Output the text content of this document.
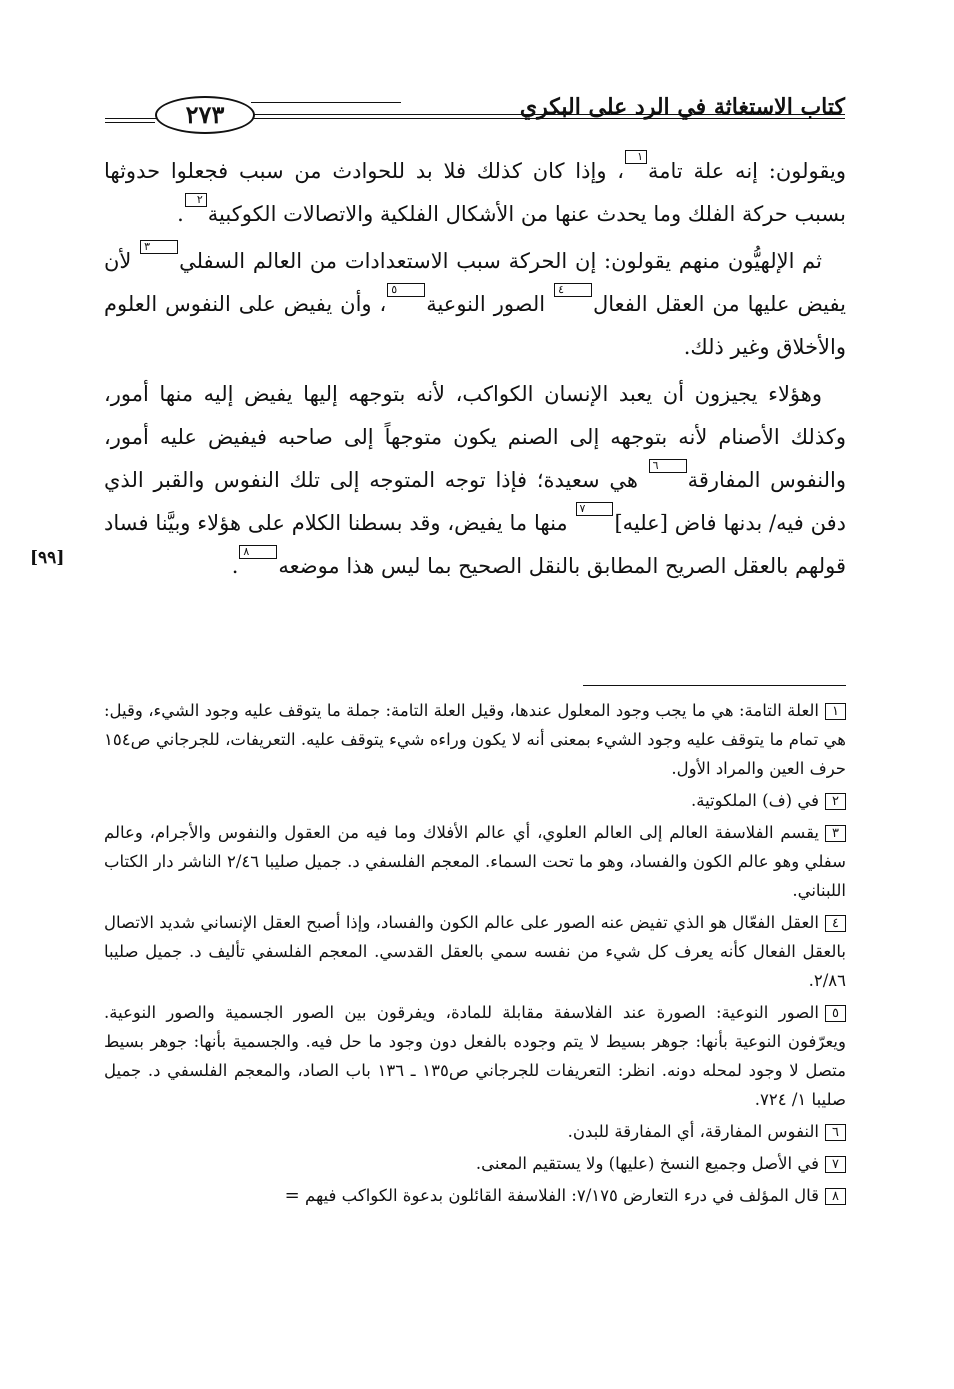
كتاب الاستغاثة في الرد على البكري
٢٧٣
[٩٩]

ويقولون: إنه علة تامة١، وإذا كان كذلك فلا بد للحوادث من سبب فجعلوا حدوثها بسبب حركة الفلك وما يحدث عنها من الأشكال الفلكية والاتصالات الكوكبية٢.

ثم الإلهيُّون منهم يقولون: إن الحركة سبب الاستعدادات من العالم السفلي٣ لأن يفيض عليها من العقل الفعال٤ الصور النوعية٥، وأن يفيض على النفوس العلوم والأخلاق وغير ذلك.

وهؤلاء يجيزون أن يعبد الإنسان الكواكب، لأنه بتوجهه إليها يفيض إليه منها أمور، وكذلك الأصنام لأنه بتوجهه إلى الصنم يكون متوجهاً إلى صاحبه فيفيض عليه أمور، والنفوس المفارقة٦ هي سعيدة؛ فإذا توجه المتوجه إلى تلك النفوس والقبر الذي دفن فيه/ بدنها فاض [عليه]٧ منها ما يفيض، وقد بسطنا الكلام على هؤلاء وبيَّنا فساد قولهم بالعقل الصريح المطابق بالنقل الصحيح بما ليس هذا موضعه٨.

١العلة التامة: هي ما يجب وجود المعلول عندها، وقيل العلة التامة: جملة ما يتوقف عليه وجود الشيء، وقيل: هي تمام ما يتوقف عليه وجود الشيء بمعنى أنه لا يكون وراءه شيء يتوقف عليه. التعريفات، للجرجاني ص١٥٤ حرف العين والمراد الأول.

٢في (ف) الملكوتية.

٣يقسم الفلاسفة العالم إلى العالم العلوي، أي عالم الأفلاك وما فيه من العقول والنفوس والأجرام، وعالم سفلي وهو عالم الكون والفساد، وهو ما تحت السماء. المعجم الفلسفي د. جميل صليبا ٢/٤٦ الناشر دار الكتاب اللبناني.

٤العقل الفعّال هو الذي تفيض عنه الصور على عالم الكون والفساد، وإذا أصبح العقل الإنساني شديد الاتصال بالعقل الفعال كأنه يعرف كل شيء من نفسه سمي بالعقل القدسي. المعجم الفلسفي تأليف د. جميل صليبا ٢/٨٦.

٥الصور النوعية: الصورة عند الفلاسفة مقابلة للمادة، ويفرقون بين الصور الجسمية والصور النوعية. ويعرّفون النوعية بأنها: جوهر بسيط لا يتم وجوده بالفعل دون وجود ما حل فيه. والجسمية بأنها: جوهر بسيط متصل لا وجود لمحله دونه. انظر: التعريفات للجرجاني ص١٣٥ ـ ١٣٦ باب الصاد، والمعجم الفلسفي د. جميل صليبا ١/ ٧٢٤.

٦النفوس المفارقة، أي المفارقة للبدن.

٧في الأصل وجميع النسخ (عليها) ولا يستقيم المعنى.

٨قال المؤلف في درء التعارض ٧/١٧٥: الفلاسفة القائلون بدعوة الكواكب فيهم =
